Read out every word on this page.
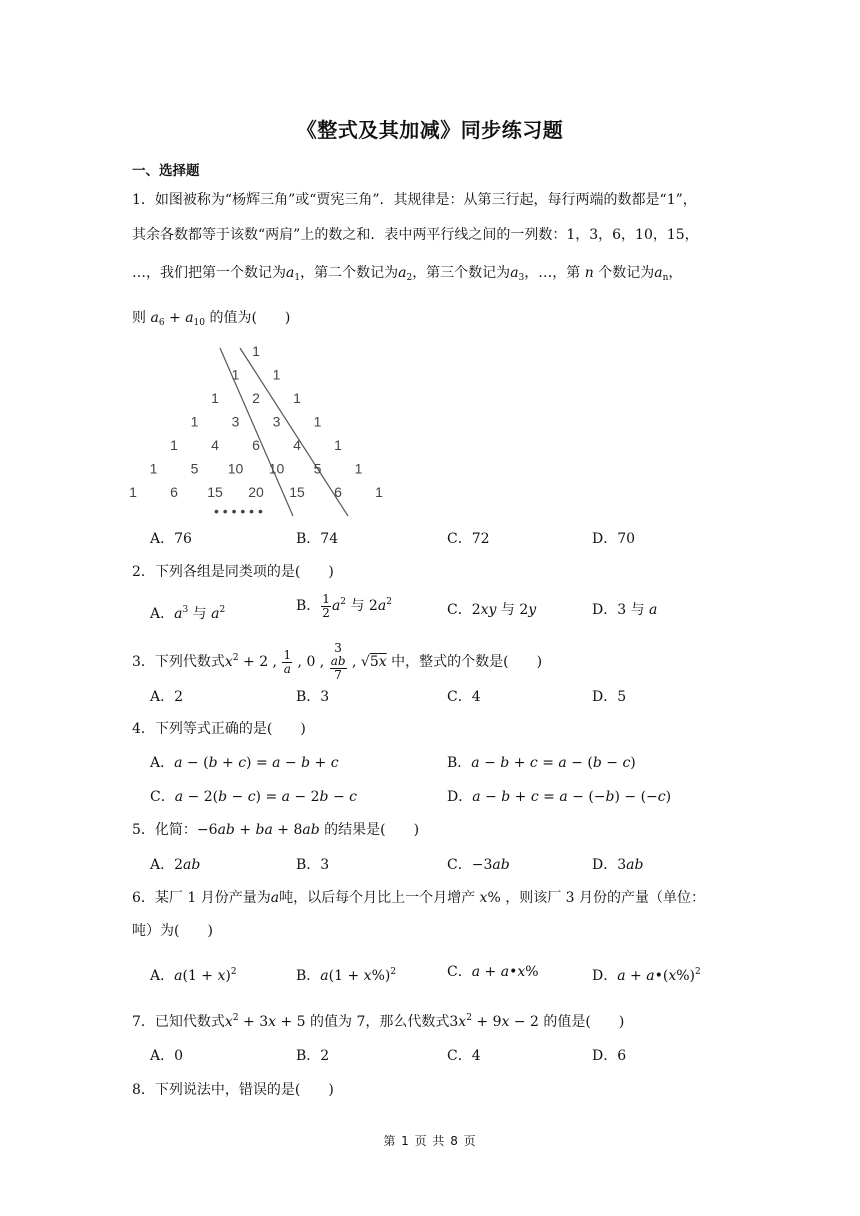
《整式及其加减》同步练习题
一、选择题
1．如图被称为“杨辉三角”或“贾宪三角”．其规律是：从第三行起，每行两端的数都是“1”，
其余各数都等于该数“两肩”上的数之和．表中两平行线之间的一列数：1，3，6，10，15，
…，我们把第一个数记为$a_1$，第二个数记为$a_2$，第三个数记为$a_3$，…，第 n 个数记为$a_n$，
则 $a_6 + a_{10}$ 的值为(　　)
• • • • • •
1
1 1
1 2 1
1 3 3 1
1 4 6 4 1
1 5 10 10 5 1
1 6 15 20 15 6 1
A．76	B．74	C．72	D．70
2．下列各组是同类项的是(　　)
A．$a^3$ 与 $a^2$	B． $\frac{1}{2} a^2$ 与 $2a^2$	C．2xy 与 2y	D．3 与 a
3．下列代数式$x^2 + 2$ , $\frac{1}{a}$ , 0 , 3
ab
7 , √5x 中，整式的个数是(　　)
A．2	B．3	C．4	D．5
4．下列等式正确的是(　　)
A．a − (b + c) = a − b + c	B．a − b + c = a − (b − c)
C．a − 2(b − c) = a − 2b − c	D．a − b + c = a − (−b) − (−c)
5．化简：−6ab + ba + 8ab 的结果是(　　)
A．2ab	B．3	C．−3ab	D．3ab
6．某厂 1 月份产量为a吨，以后每个月比上一个月增产 x% ，则该厂 3 月份的产量（单位：
吨）为(　　)
A．$a(1 + x)^2$	B．$a(1 + x\%)^2$	C．a + a•x%	D．$a + a•(x\%)^2$
7．已知代数式$x^2 + 3x + 5$ 的值为 7，那么代数式$3x^2 + 9x - 2$ 的值是(　　)
A．0	B．2	C．4	D．6
8．下列说法中，错误的是(　　)
第 1 页 共 8 页
